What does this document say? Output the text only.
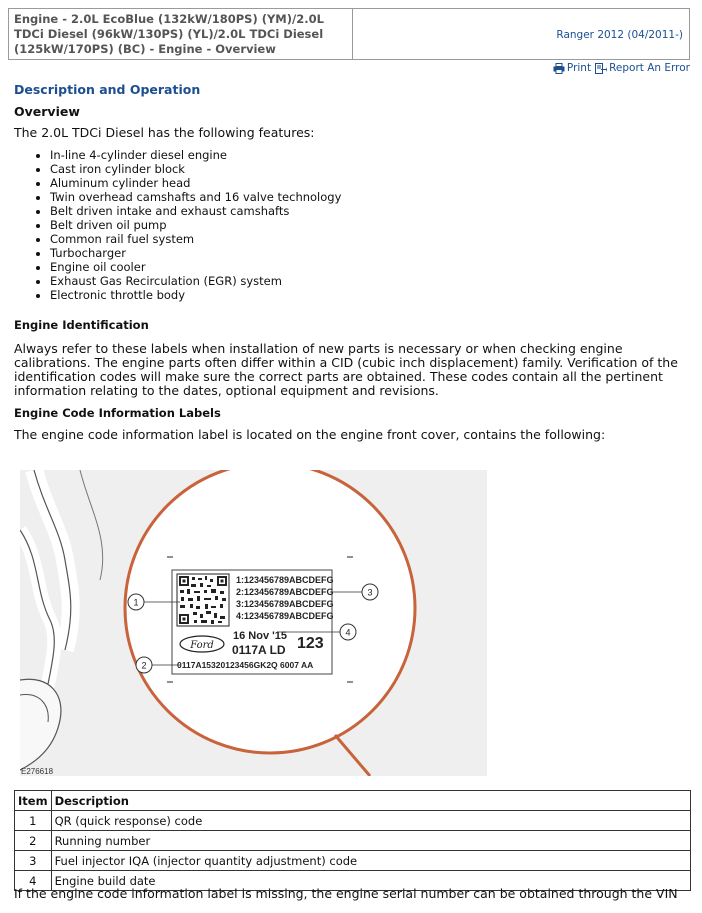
Engine - 2.0L EcoBlue (132kW/180PS) (YM)/2.0L TDCi Diesel (96kW/130PS) (YL)/2.0L TDCi Diesel (125kW/170PS) (BC) - Engine - Overview
Ranger 2012 (04/2011-)
Print Report An Error
Description and Operation
Overview

The 2.0L TDCi Diesel has the following features:

• In-line 4-cylinder diesel engine
• Cast iron cylinder block
• Aluminum cylinder head
• Twin overhead camshafts and 16 valve technology
• Belt driven intake and exhaust camshafts
• Belt driven oil pump
• Common rail fuel system
• Turbocharger
• Engine oil cooler
• Exhaust Gas Recirculation (EGR) system
• Electronic throttle body
Engine Identification

Always refer to these labels when installation of new parts is necessary or when checking engine calibrations. The engine parts often differ within a CID (cubic inch displacement) family. Verification of the identification codes will make sure the correct parts are obtained. These codes contain all the pertinent information relating to the dates, optional equipment and revisions.

Engine Code Information Labels

The engine code information label is located on the engine front cover, contains the following:

1:123456789ABCDEFG
2:123456789ABCDEFG
3:123456789ABCDEFG
4:123456789ABCDEFG
Ford
16 Nov '15 123
0117A LD
0117A15320123456GK2Q 6007 AA
1
2
3
4
E276618
Item	Description
1	QR (quick response) code
2	Running number
3	Fuel injector IQA (injector quantity adjustment) code
4	Engine build date
If the engine code information label is missing, the engine serial number can be obtained through the VIN
